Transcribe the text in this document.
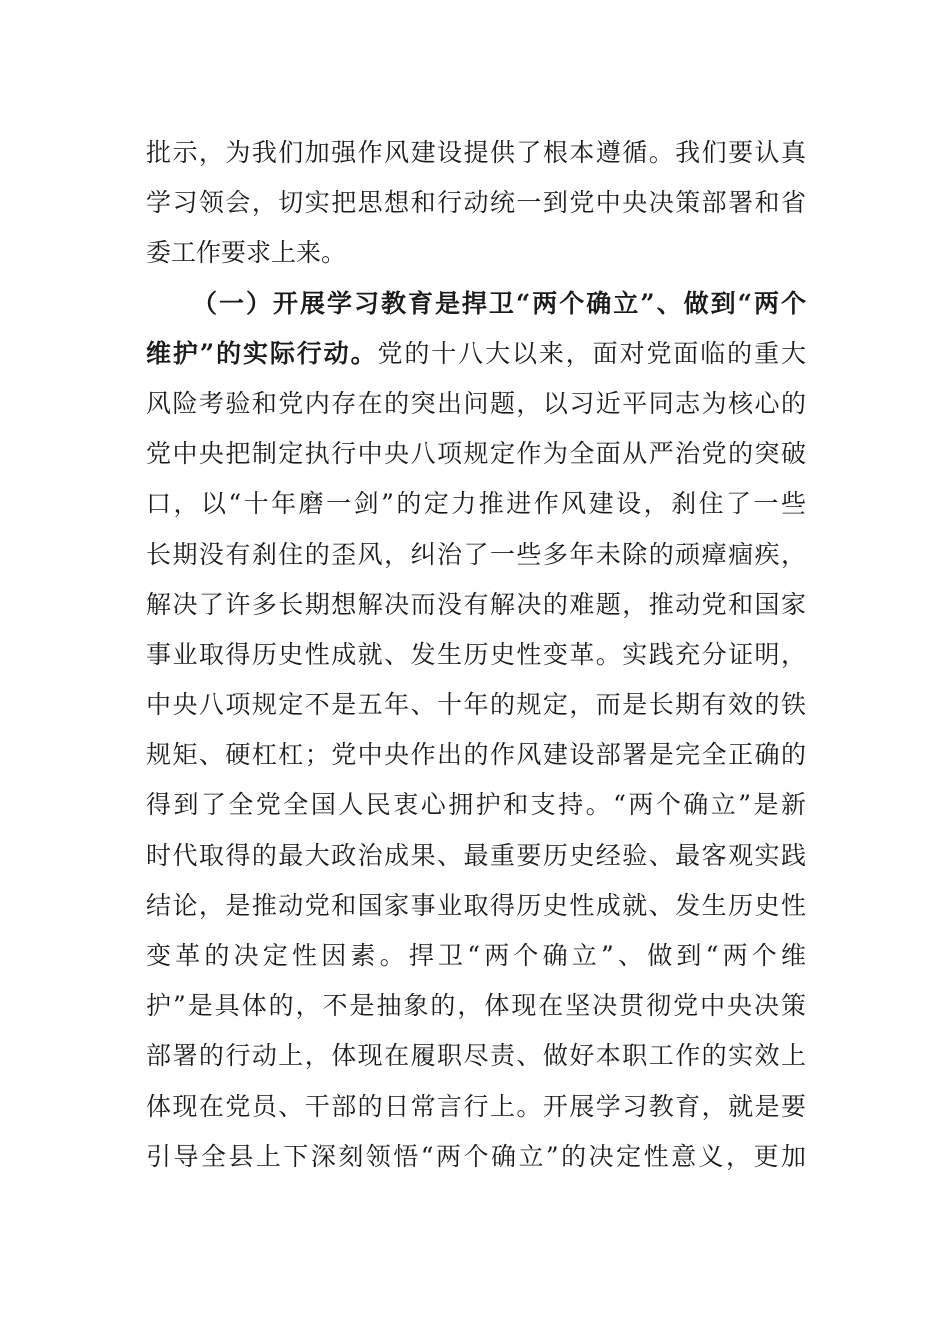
批示，为我们加强作风建设提供了根本遵循。我们要认真
学习领会，切实把思想和行动统一到党中央决策部署和省
委工作要求上来。
（一）开展学习教育是捍卫“两个确立”、做到“两个
维护”的实际行动。党的十八大以来，面对党面临的重大
风险考验和党内存在的突出问题，以习近平同志为核心的
党中央把制定执行中央八项规定作为全面从严治党的突破
口，以“十年磨一剑”的定力推进作风建设，刹住了一些
长期没有刹住的歪风，纠治了一些多年未除的顽瘴痼疾，
解决了许多长期想解决而没有解决的难题，推动党和国家
事业取得历史性成就、发生历史性变革。实践充分证明，
中央八项规定不是五年、十年的规定，而是长期有效的铁
规矩、硬杠杠；党中央作出的作风建设部署是完全正确的
得到了全党全国人民衷心拥护和支持。“两个确立”是新
时代取得的最大政治成果、最重要历史经验、最客观实践
结论，是推动党和国家事业取得历史性成就、发生历史性
变革的决定性因素。捍卫“两个确立”、做到“两个维
护”是具体的，不是抽象的，体现在坚决贯彻党中央决策
部署的行动上，体现在履职尽责、做好本职工作的实效上
体现在党员、干部的日常言行上。开展学习教育，就是要
引导全县上下深刻领悟“两个确立”的决定性意义，更加
